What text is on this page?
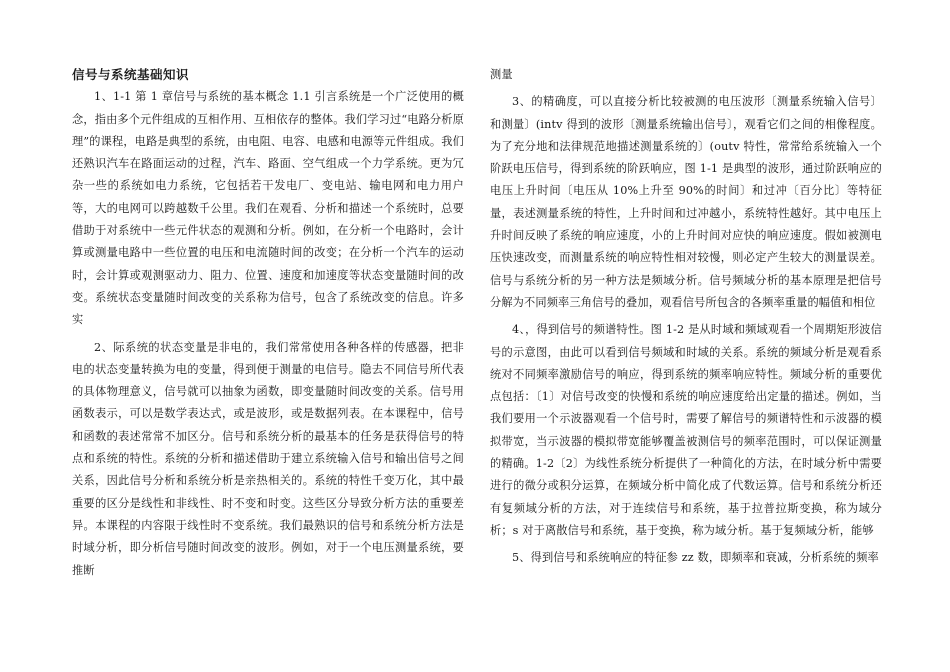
信号与系统基础知识

1、1-1 第 1 章信号与系统的基本概念 1.1 引言系统是一个广泛使用的概念，指由多个元件组成的互相作用、互相依存的整体。我们学习过“电路分析原理”的课程，电路是典型的系统，由电阻、电容、电感和电源等元件组成。我们还熟识汽车在路面运动的过程，汽车、路面、空气组成一个力学系统。更为冗杂一些的系统如电力系统，它包括若干发电厂、变电站、输电网和电力用户等，大的电网可以跨越数千公里。我们在观看、分析和描述一个系统时，总要借助于对系统中一些元件状态的观测和分析。例如，在分析一个电路时，会计算或测量电路中一些位置的电压和电流随时间的改变；在分析一个汽车的运动时，会计算或观测驱动力、阻力、位置、速度和加速度等状态变量随时间的改变。系统状态变量随时间改变的关系称为信号，包含了系统改变的信息。许多实

2、际系统的状态变量是非电的，我们常常使用各种各样的传感器，把非电的状态变量转换为电的变量，得到便于测量的电信号。隐去不同信号所代表的具体物理意义，信号就可以抽象为函数，即变量随时间改变的关系。信号用函数表示，可以是数学表达式，或是波形，或是数据列表。在本课程中，信号和函数的表述常常不加区分。信号和系统分析的最基本的任务是获得信号的特点和系统的特性。系统的分析和描述借助于建立系统输入信号和输出信号之间关系，因此信号分析和系统分析是亲热相关的。系统的特性千变万化，其中最重要的区分是线性和非线性、时不变和时变。这些区分导致分析方法的重要差异。本课程的内容限于线性时不变系统。我们最熟识的信号和系统分析方法是时域分析，即分析信号随时间改变的波形。例如，对于一个电压测量系统，要推断

测量

3、的精确度，可以直接分析比较被测的电压波形〔测量系统输入信号〕和测量〕(intv 得到的波形〔测量系统输出信号〕，观看它们之间的相像程度。为了充分地和法律规范地描述测量系统的〕(outv 特性，常常给系统输入一个阶跃电压信号，得到系统的阶跃响应，图 1-1 是典型的波形，通过阶跃响应的电压上升时间〔电压从 10%上升至 90%的时间〕和过冲〔百分比〕等特征量，表述测量系统的特性，上升时间和过冲越小，系统特性越好。其中电压上升时间反映了系统的响应速度，小的上升时间对应快的响应速度。假如被测电压快速改变，而测量系统的响应特性相对较慢，则必定产生较大的测量误差。信号与系统分析的另一种方法是频域分析。信号频域分析的基本原理是把信号分解为不同频率三角信号的叠加，观看信号所包含的各频率重量的幅值和相位

4、，得到信号的频谱特性。图 1-2 是从时域和频域观看一个周期矩形波信号的示意图，由此可以看到信号频域和时域的关系。系统的频域分析是观看系统对不同频率激励信号的响应，得到系统的频率响应特性。频域分析的重要优点包括：〔1〕对信号改变的快慢和系统的响应速度给出定量的描述。例如，当我们要用一个示波器观看一个信号时，需要了解信号的频谱特性和示波器的模拟带宽，当示波器的模拟带宽能够覆盖被测信号的频率范围时，可以保证测量的精确。1-2〔2〕为线性系统分析提供了一种简化的方法，在时域分析中需要进行的微分或积分运算，在频域分析中简化成了代数运算。信号和系统分析还有复频域分析的方法，对于连续信号和系统，基于拉普拉斯变换，称为域分析；s 对于离散信号和系统，基于变换，称为域分析。基于复频域分析，能够

5、得到信号和系统响应的特征参 zz 数，即频率和衰减，分析系统的频率
